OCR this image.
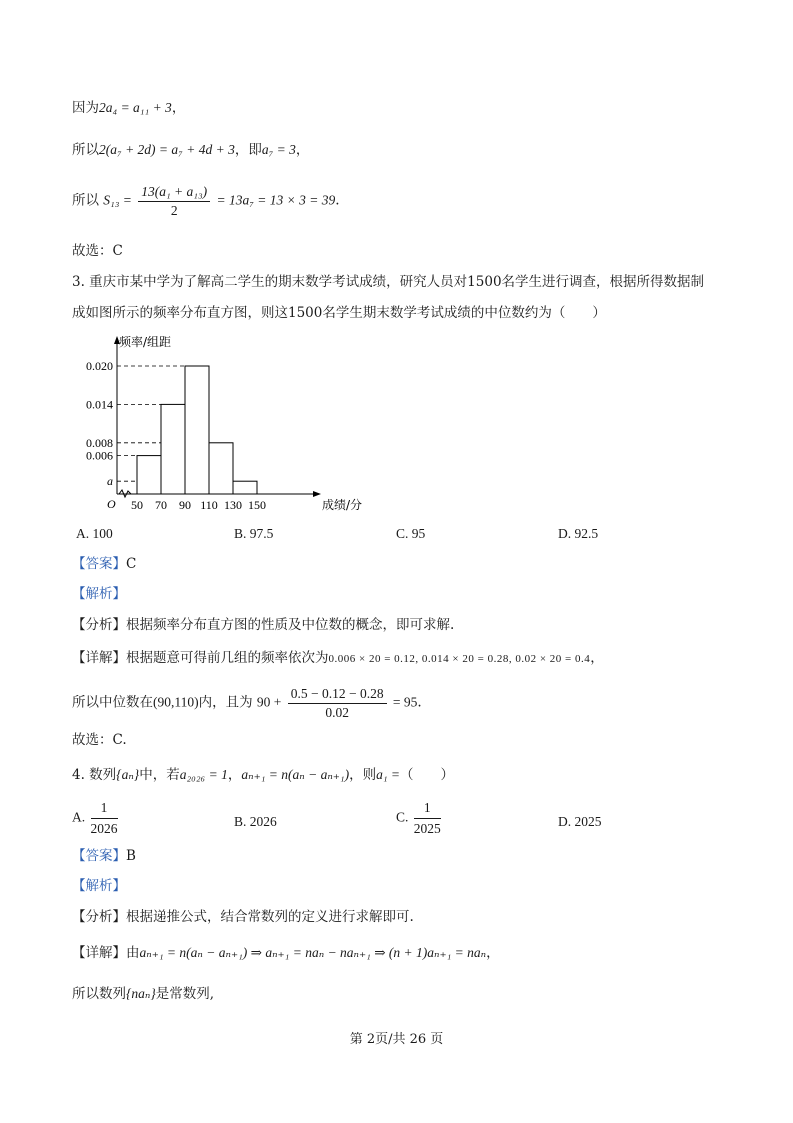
因为2a₄ = a₁₁ + 3，
所以2(a₇ + 2d) = a₇ + 4d + 3，即a₇ = 3，
所以 $S_{13} = \frac{\text{13(a₁ + a₁₃)}}{2} = 13a_7 = 13 \times 3 = 39$.
故选：C
3. 重庆市某中学为了解高二学生的期末数学考试成绩，研究人员对1500名学生进行调查，根据所得数据制
成如图所示的频率分布直方图，则这1500名学生期末数学考试成绩的中位数约为（　　）
0.020
0.014
0.008
0.006
a
50 70 90 110 130 150
O
频率/组距
成绩/分
A. 100	B. 97.5	C. 95	D. 92.5
【答案】C
【解析】
【分析】根据频率分布直方图的性质及中位数的概念，即可求解.
【详解】根据题意可得前几组的频率依次为0.006 × 20 = 0.12, 0.014 × 20 = 0.28, 0.02 × 20 = 0.4，
所以中位数在(90,110)内，且为 $90 + \frac{0.5 - 0.12 - 0.28}{0.02} = 95$.
故选：C.
4. 数列{aₙ}中，若a₂₀₂₆ = 1，aₙ₊₁ = n(aₙ − aₙ₊₁)，则a₁ =（　　）
A. $\frac{1}{2026}$	B. 2026	C. $\frac{1}{2025}$	D. 2025
【答案】B
【解析】
【分析】根据递推公式，结合常数列的定义进行求解即可.
【详解】由aₙ₊₁ = n(aₙ − aₙ₊₁) ⇒ aₙ₊₁ = naₙ − naₙ₊₁ ⇒ (n + 1)aₙ₊₁ = naₙ，
所以数列{naₙ}是常数列,
第 2页/共 26 页
